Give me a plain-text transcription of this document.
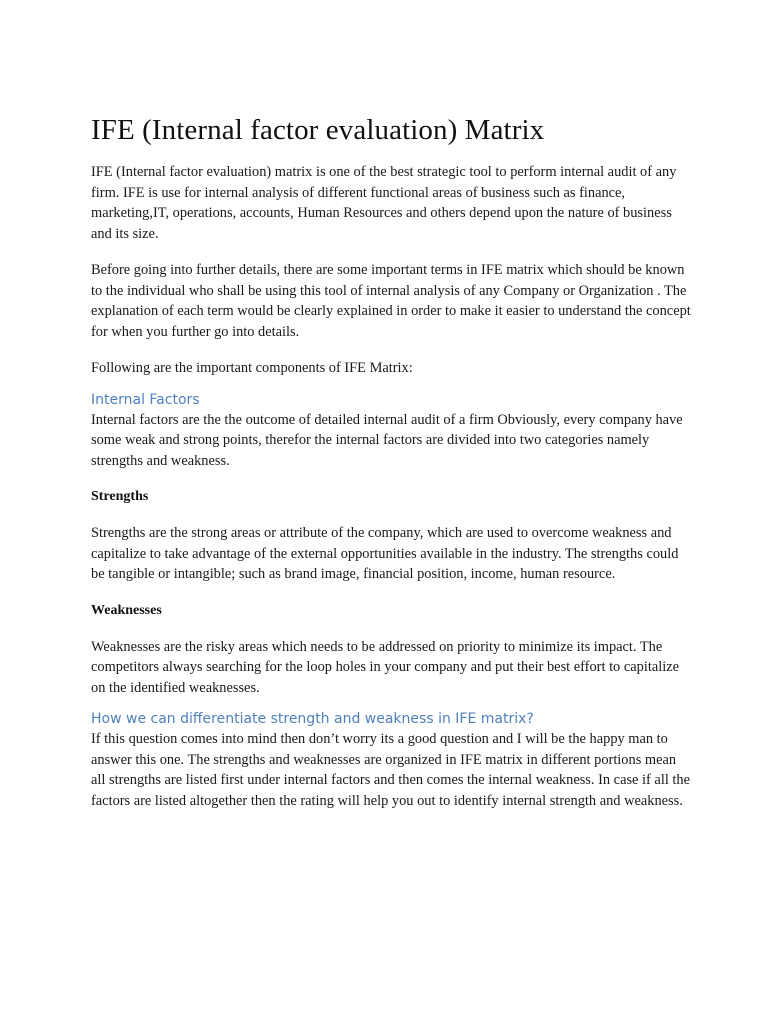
IFE (Internal factor evaluation) Matrix

IFE (Internal factor evaluation) matrix is one of the best strategic tool to perform internal audit of any firm. IFE is use for internal analysis of different functional areas of business such as finance, marketing,IT, operations, accounts, Human Resources and others depend upon the nature of business and its size.

Before going into further details, there are some important terms in IFE matrix which should be known to the individual who shall be using this tool of internal analysis of any Company or Organization . The explanation of each term would be clearly explained in order to make it easier to understand the concept for when you further go into details.

Following are the important components of IFE Matrix:

Internal Factors

Internal factors are the the outcome of detailed internal audit of a firm Obviously, every company have some weak and strong points, therefor the internal factors are divided into two categories namely strengths and weakness.

Strengths

Strengths are the strong areas or attribute of the company, which are used to overcome weakness and capitalize to take advantage of the external opportunities available in the industry. The strengths could be tangible or intangible; such as brand image, financial position, income, human resource.

Weaknesses

Weaknesses are the risky areas which needs to be addressed on priority to minimize its impact. The competitors always searching for the loop holes in your company and put their best effort to capitalize on the identified weaknesses.

How we can differentiate strength and weakness in IFE matrix?

If this question comes into mind then don’t worry its a good question and I will be the happy man to answer this one. The strengths and weaknesses are organized in IFE matrix in different portions mean all strengths are listed first under internal factors and then comes the internal weakness. In case if all the factors are listed altogether then the rating will help you out to identify internal strength and weakness.
